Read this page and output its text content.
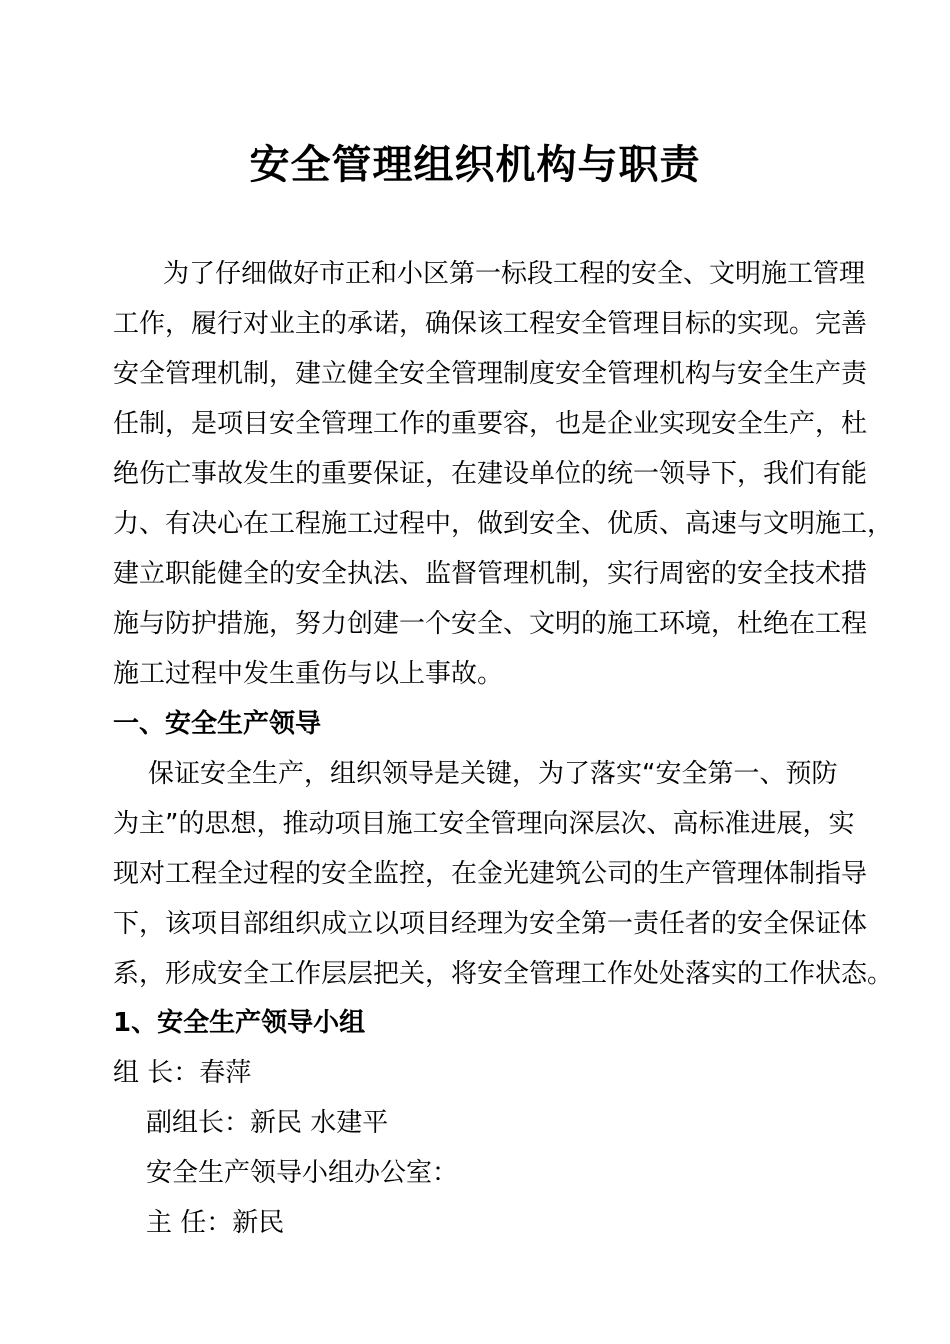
安全管理组织机构与职责
为了仔细做好市正和小区第一标段工程的安全、文明施工管理
工作，履行对业主的承诺，确保该工程安全管理目标的实现。完善
安全管理机制，建立健全安全管理制度安全管理机构与安全生产责
任制，是项目安全管理工作的重要容，也是企业实现安全生产，杜
绝伤亡事故发生的重要保证，在建设单位的统一领导下，我们有能
力、有决心在工程施工过程中，做到安全、优质、高速与文明施工，
建立职能健全的安全执法、监督管理机制，实行周密的安全技术措
施与防护措施，努力创建一个安全、文明的施工环境，杜绝在工程
施工过程中发生重伤与以上事故。
一、安全生产领导
保证安全生产，组织领导是关键，为了落实“安全第一、预防
为主”的思想，推动项目施工安全管理向深层次、高标准进展，实
现对工程全过程的安全监控，在金光建筑公司的生产管理体制指导
下，该项目部组织成立以项目经理为安全第一责任者的安全保证体
系，形成安全工作层层把关，将安全管理工作处处落实的工作状态。
1、安全生产领导小组
组 长：春萍
副组长：新民 水建平
安全生产领导小组办公室：
主 任：新民
